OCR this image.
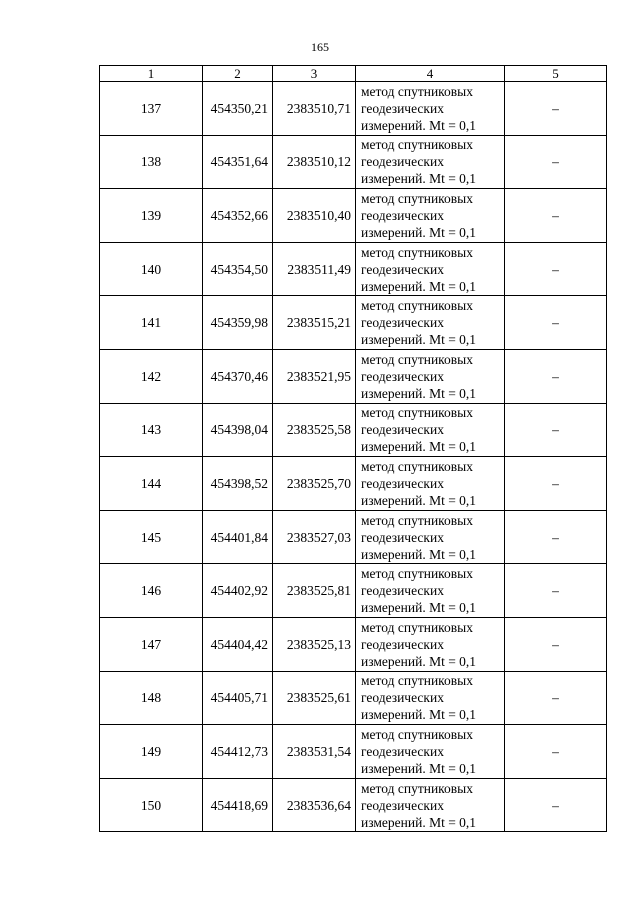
165
1	2	3	4	5
137	454350,21	2383510,71	метод спутниковых
геодезических
измерений. Mt = 0,1	–
138	454351,64	2383510,12	метод спутниковых
геодезических
измерений. Mt = 0,1	–
139	454352,66	2383510,40	метод спутниковых
геодезических
измерений. Mt = 0,1	–
140	454354,50	2383511,49	метод спутниковых
геодезических
измерений. Mt = 0,1	–
141	454359,98	2383515,21	метод спутниковых
геодезических
измерений. Mt = 0,1	–
142	454370,46	2383521,95	метод спутниковых
геодезических
измерений. Mt = 0,1	–
143	454398,04	2383525,58	метод спутниковых
геодезических
измерений. Mt = 0,1	–
144	454398,52	2383525,70	метод спутниковых
геодезических
измерений. Mt = 0,1	–
145	454401,84	2383527,03	метод спутниковых
геодезических
измерений. Mt = 0,1	–
146	454402,92	2383525,81	метод спутниковых
геодезических
измерений. Mt = 0,1	–
147	454404,42	2383525,13	метод спутниковых
геодезических
измерений. Mt = 0,1	–
148	454405,71	2383525,61	метод спутниковых
геодезических
измерений. Mt = 0,1	–
149	454412,73	2383531,54	метод спутниковых
геодезических
измерений. Mt = 0,1	–
150	454418,69	2383536,64	метод спутниковых
геодезических
измерений. Mt = 0,1	–
